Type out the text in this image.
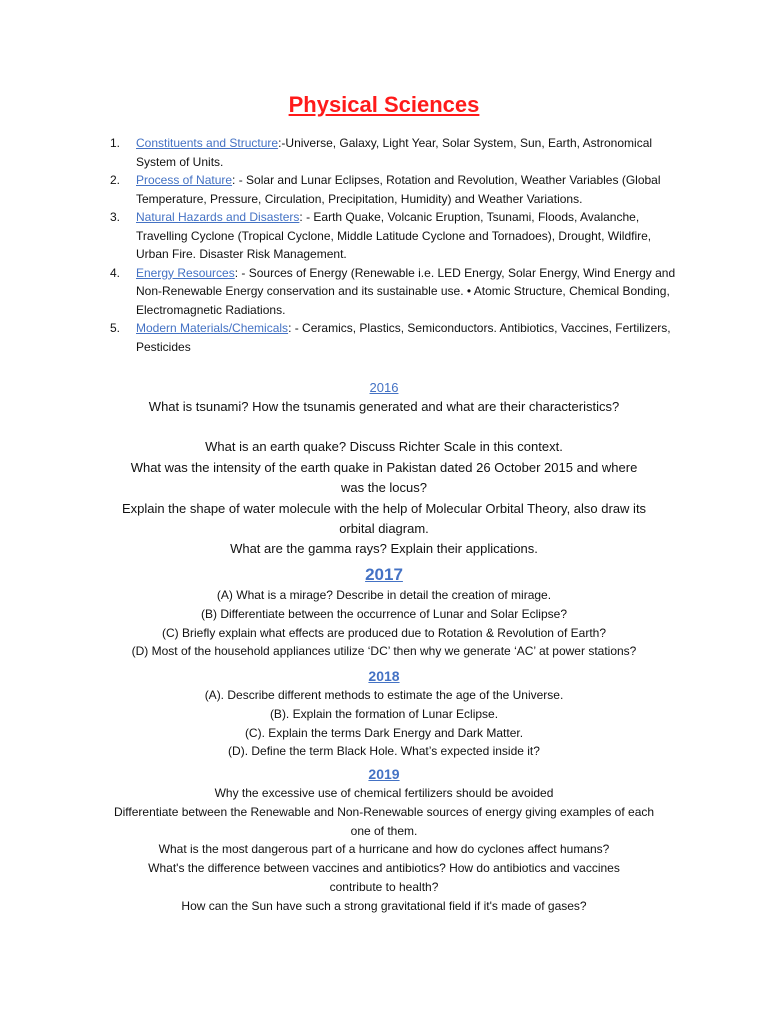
Physical Sciences
1. Constituents and Structure:-Universe, Galaxy, Light Year, Solar System, Sun, Earth, Astronomical System of Units.
2. Process of Nature: - Solar and Lunar Eclipses, Rotation and Revolution, Weather Variables (Global Temperature, Pressure, Circulation, Precipitation, Humidity) and Weather Variations.
3. Natural Hazards and Disasters: - Earth Quake, Volcanic Eruption, Tsunami, Floods, Avalanche, Travelling Cyclone (Tropical Cyclone, Middle Latitude Cyclone and Tornadoes), Drought, Wildfire, Urban Fire. Disaster Risk Management.
4. Energy Resources: - Sources of Energy (Renewable i.e. LED Energy, Solar Energy, Wind Energy and Non-Renewable Energy conservation and its sustainable use. • Atomic Structure, Chemical Bonding, Electromagnetic Radiations.
5. Modern Materials/Chemicals: - Ceramics, Plastics, Semiconductors. Antibiotics, Vaccines, Fertilizers, Pesticides
2016
What is tsunami? How the tsunamis generated and what are their characteristics?
What is an earth quake? Discuss Richter Scale in this context.
What was the intensity of the earth quake in Pakistan dated 26 October 2015 and where was the locus?
Explain the shape of water molecule with the help of Molecular Orbital Theory, also draw its orbital diagram.
What are the gamma rays? Explain their applications.
2017
(A) What is a mirage? Describe in detail the creation of mirage.
(B) Differentiate between the occurrence of Lunar and Solar Eclipse?
(C) Briefly explain what effects are produced due to Rotation & Revolution of Earth?
(D) Most of the household appliances utilize ‘DC’ then why we generate ‘AC’ at power stations?
2018
(A). Describe different methods to estimate the age of the Universe.
(B). Explain the formation of Lunar Eclipse.
(C). Explain the terms Dark Energy and Dark Matter.
(D). Define the term Black Hole. What’s expected inside it?
2019
Why the excessive use of chemical fertilizers should be avoided
Differentiate between the Renewable and Non-Renewable sources of energy giving examples of each one of them.
What is the most dangerous part of a hurricane and how do cyclones affect humans?
What's the difference between vaccines and antibiotics? How do antibiotics and vaccines contribute to health?
How can the Sun have such a strong gravitational field if it's made of gases?
